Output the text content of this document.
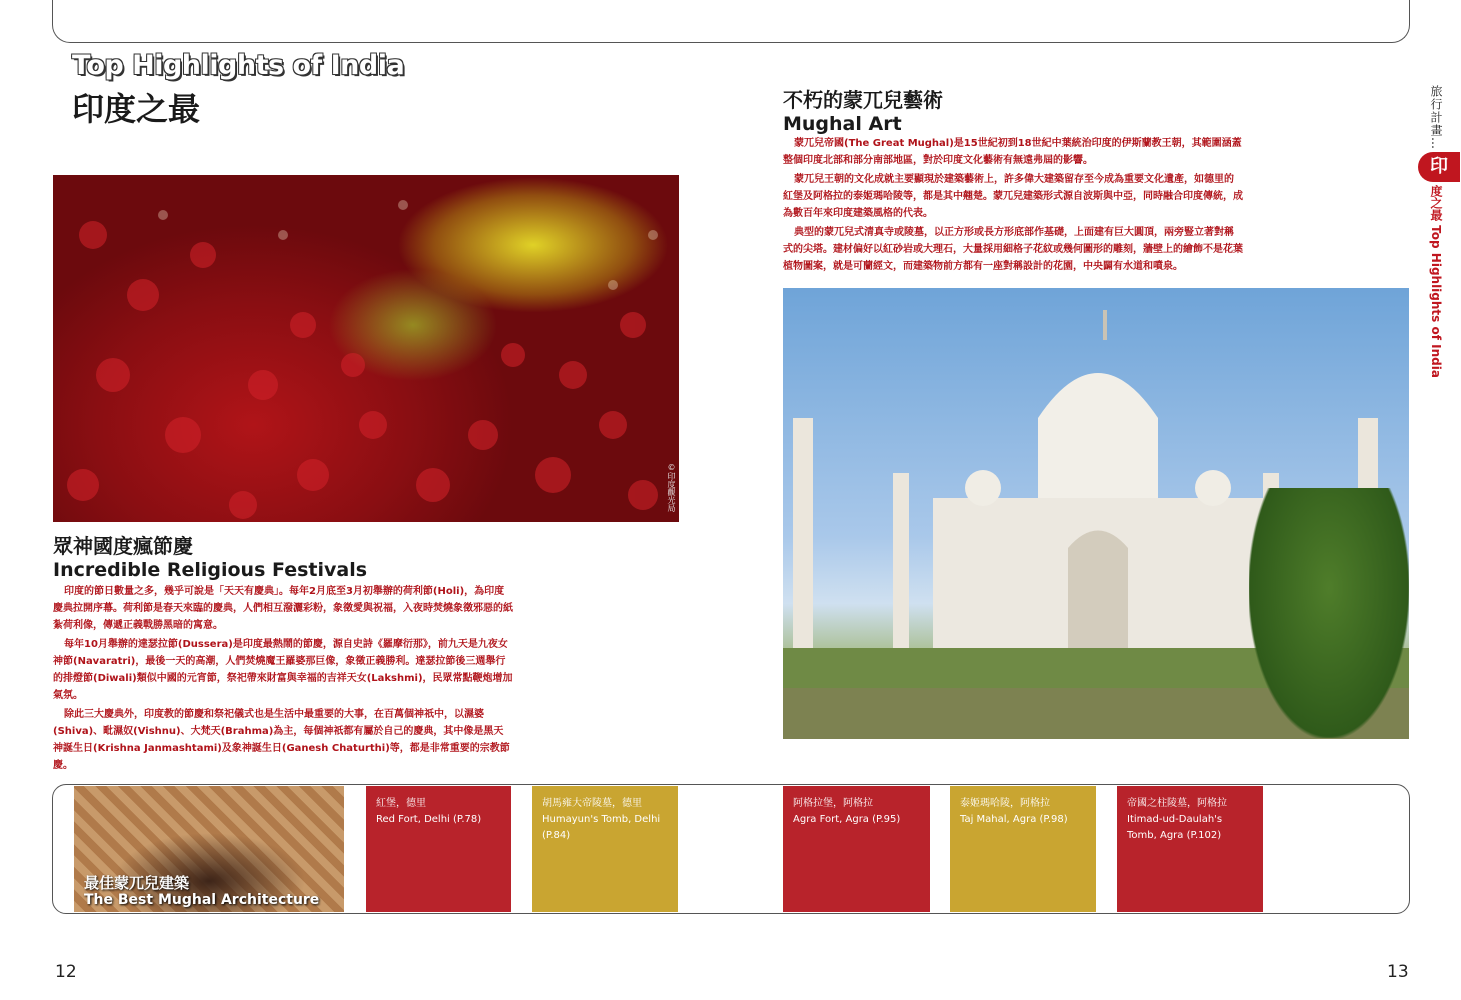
Top Highlights of India
印度之最
©印度觀光局
眾神國度瘋節慶
Incredible Religious Festivals

印度的節日數量之多，幾乎可說是「天天有慶典」。每年2月底至3月初舉辦的荷利節(Holi)，為印度慶典拉開序幕。荷利節是春天來臨的慶典，人們相互潑灑彩粉，象徵愛與祝福，入夜時焚燒象徵邪惡的紙紮荷利像，傳遞正義戰勝黑暗的寓意。

每年10月舉辦的達瑟拉節(Dussera)是印度最熱鬧的節慶，源自史詩《羅摩衍那》，前九天是九夜女神節(Navaratri)，最後一天的高潮，人們焚燒魔王羅婆那巨像，象徵正義勝利。達瑟拉節後三週舉行的排燈節(Diwali)類似中國的元宵節，祭祀帶來財富與幸福的吉祥天女(Lakshmi)，民眾常點鞭炮增加氣氛。

除此三大慶典外，印度教的節慶和祭祀儀式也是生活中最重要的大事，在百萬個神祇中，以濕婆(Shiva)、毗濕奴(Vishnu)、大梵天(Brahma)為主，每個神祇都有屬於自己的慶典，其中像是黑天神誕生日(Krishna Janmashtami)及象神誕生日(Ganesh Chaturthi)等，都是非常重要的宗教節慶。

不朽的蒙兀兒藝術
Mughal Art

蒙兀兒帝國(The Great Mughal)是15世紀初到18世紀中葉統治印度的伊斯蘭教王朝，其範圍涵蓋整個印度北部和部分南部地區，對於印度文化藝術有無遠弗屆的影響。

蒙兀兒王朝的文化成就主要顯現於建築藝術上，許多偉大建築留存至今成為重要文化遺產，如德里的紅堡及阿格拉的泰姬瑪哈陵等，都是其中翹楚。蒙兀兒建築形式源自波斯與中亞，同時融合印度傳統，成為數百年來印度建築風格的代表。

典型的蒙兀兒式清真寺或陵墓，以正方形或長方形底部作基礎，上面建有巨大圓頂，兩旁豎立著對稱式的尖塔。建材偏好以紅砂岩或大理石，大量採用細格子花紋或幾何圖形的雕刻，牆壁上的繪飾不是花葉植物圖案，就是可蘭經文，而建築物前方都有一座對稱設計的花園，中央闢有水道和噴泉。

最佳蒙兀兒建築
The Best Mughal Architecture
紅堡，德里
Red Fort, Delhi (P.78)
胡馬雍大帝陵墓，德里
Humayun's Tomb, Delhi (P.84)
阿格拉堡，阿格拉
Agra Fort, Agra (P.95)
泰姬瑪哈陵，阿格拉
Taj Mahal, Agra (P.98)
帝國之柱陵墓，阿格拉
Itimad-ud-Daulah's Tomb, Agra (P.102)
旅行計畫…
印
度之最 Top Highlights of India
12	13
